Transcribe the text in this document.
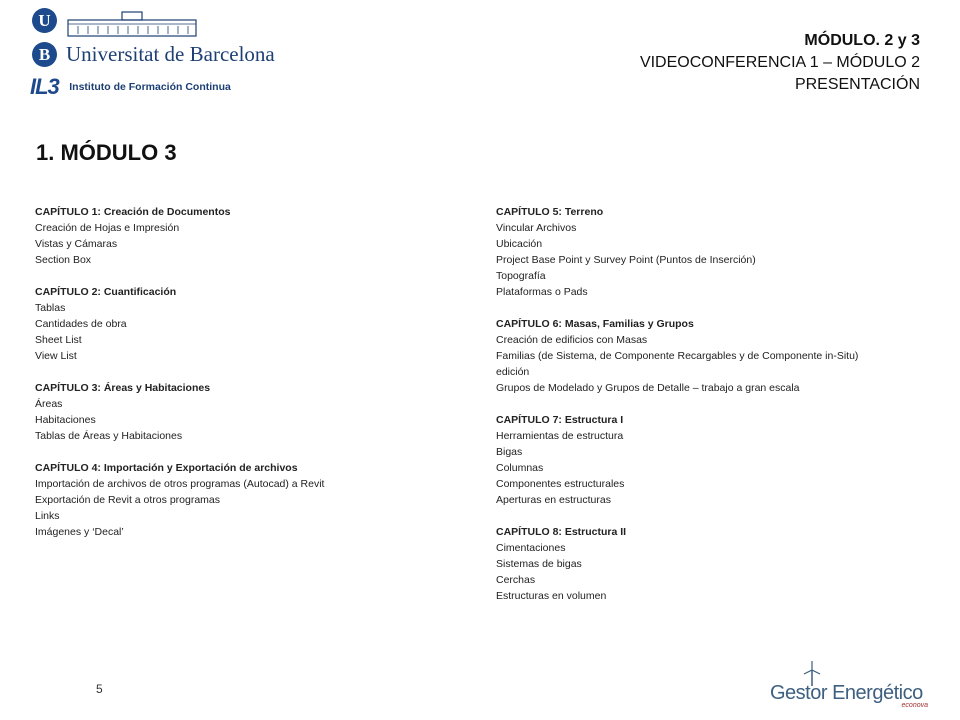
U
B Universitat de Barcelona
IL3 Instituto de Formación Continua
MÓDULO. 2 y 3
VIDEOCONFERENCIA 1 – MÓDULO 2
PRESENTACIÓN
1. MÓDULO 3

CAPÍTULO 1: Creación de Documentos

Creación de Hojas e Impresión

Vistas y Cámaras

Section Box

CAPÍTULO 2: Cuantificación

Tablas

Cantidades de obra

Sheet List

View List

CAPÍTULO 3: Áreas y Habitaciones

Áreas

Habitaciones

Tablas de Áreas y Habitaciones

CAPÍTULO 4: Importación y Exportación de archivos

Importación de archivos de otros programas (Autocad) a Revit

Exportación de Revit a otros programas

Links

Imágenes y ‘Decal’

CAPÍTULO 5: Terreno

Vincular Archivos

Ubicación

Project Base Point y Survey Point (Puntos de Inserción)

Topografía

Plataformas o Pads

CAPÍTULO 6: Masas, Familias y Grupos

Creación de edificios con Masas

Familias (de Sistema, de Componente Recargables y de Componente in-Situ)

edición

Grupos de Modelado y Grupos de Detalle – trabajo a gran escala

CAPÍTULO 7: Estructura I

Herramientas de estructura

Bigas

Columnas

Componentes estructurales

Aperturas en estructuras

CAPÍTULO 8: Estructura II

Cimentaciones

Sistemas de bigas

Cerchas

Estructuras en volumen

5	Gestor Energético
econova
